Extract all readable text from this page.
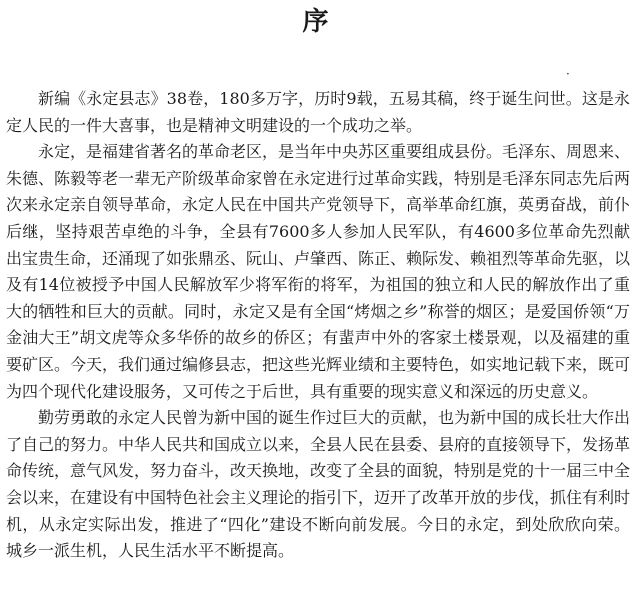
序
·

新编《永定县志》38卷，180多万字，历时9载，五易其稿，终于诞生问世。这是永定人民的一件大喜事，也是精神文明建设的一个成功之举。

永定，是福建省著名的革命老区，是当年中央苏区重要组成县份。毛泽东、周恩来、朱德、陈毅等老一辈无产阶级革命家曾在永定进行过革命实践，特别是毛泽东同志先后两次来永定亲自领导革命，永定人民在中国共产党领导下，高举革命红旗，英勇奋战，前仆后继，坚持艰苦卓绝的斗争，全县有7600多人参加人民军队，有4600多位革命先烈献出宝贵生命，还涌现了如张鼎丞、阮山、卢肇西、陈正、赖际发、赖祖烈等革命先驱，以及有14位被授予中国人民解放军少将军衔的将军，为祖国的独立和人民的解放作出了重大的牺牲和巨大的贡献。同时，永定又是有全国“烤烟之乡”称誉的烟区；是爱国侨领“万金油大王”胡文虎等众多华侨的故乡的侨区；有蜚声中外的客家土楼景观，以及福建的重要矿区。今天，我们通过编修县志，把这些光辉业绩和主要特色，如实地记载下来，既可为四个现代化建设服务，又可传之于后世，具有重要的现实意义和深远的历史意义。

勤劳勇敢的永定人民曾为新中国的诞生作过巨大的贡献，也为新中国的成长壮大作出了自己的努力。中华人民共和国成立以来，全县人民在县委、县府的直接领导下，发扬革命传统，意气风发，努力奋斗，改天换地，改变了全县的面貌，特别是党的十一届三中全会以来，在建设有中国特色社会主义理论的指引下，迈开了改革开放的步伐，抓住有利时机，从永定实际出发，推进了“四化”建设不断向前发展。今日的永定，到处欣欣向荣。城乡一派生机，人民生活水平不断提高。
